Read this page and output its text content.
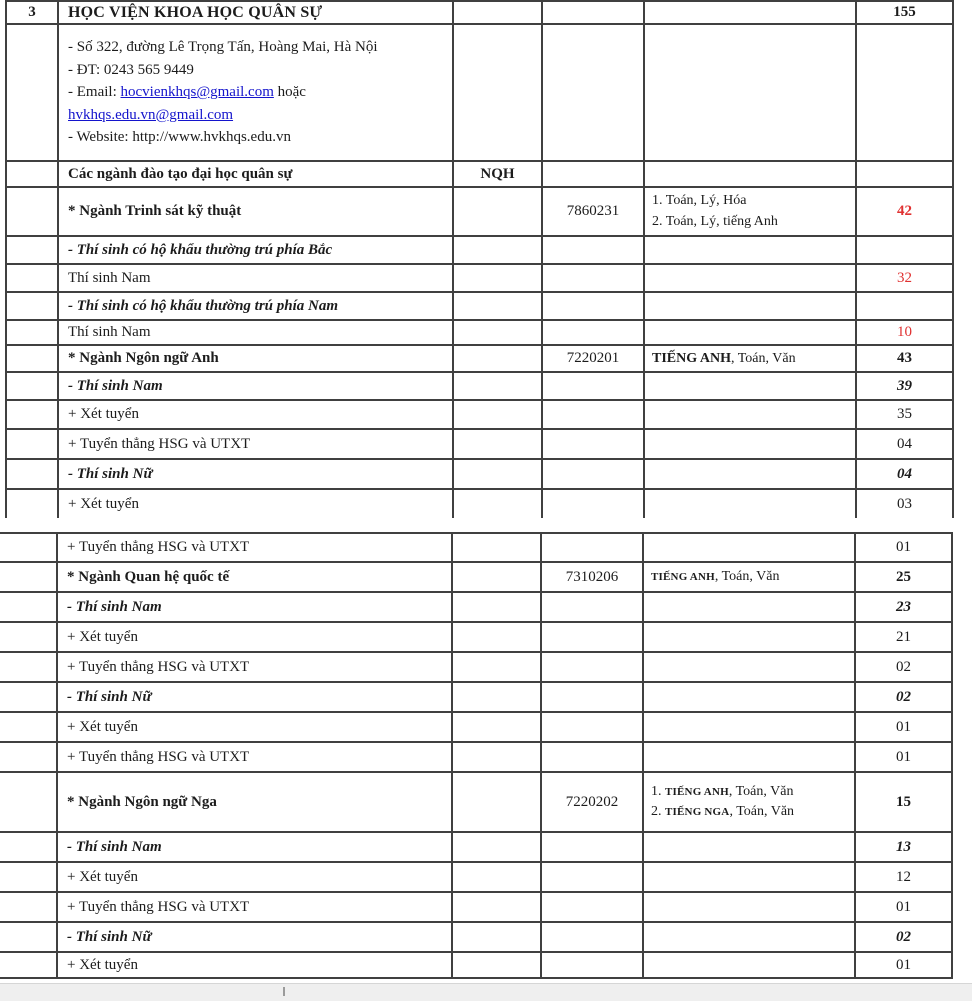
3	HỌC VIỆN KHOA HỌC QUÂN SỰ				155

	- Số 322, đường Lê Trọng Tấn, Hoàng Mai, Hà Nội
- ĐT: 0243 565 9449
- Email: hocvienkhqs@gmail.com hoặc
hvkhqs.edu.vn@gmail.com
- Website: http://www.hvkhqs.edu.vn				

	Các ngành đào tạo đại học quân sự	NQH			
	* Ngành Trinh sát kỹ thuật		7860231	1. Toán, Lý, Hóa
2. Toán, Lý, tiếng Anh	42
	- Thí sinh có hộ khẩu thường trú phía Bắc				
	Thí sinh Nam				32
	- Thí sinh có hộ khẩu thường trú phía Nam				
	Thí sinh Nam				10
	* Ngành Ngôn ngữ Anh		7220201	TIẾNG ANH, Toán, Văn	43
	- Thí sinh Nam				39
	+ Xét tuyển				35
	+ Tuyển thẳng HSG và UTXT				04
	- Thí sinh Nữ				04
	+ Xét tuyển				03
	+ Tuyển thẳng HSG và UTXT				01
	* Ngành Quan hệ quốc tế		7310206	TIẾNG ANH, Toán, Văn	25
	- Thí sinh Nam				23
	+ Xét tuyển				21
	+ Tuyển thẳng HSG và UTXT				02
	- Thí sinh Nữ				02
	+ Xét tuyển				01
	+ Tuyển thẳng HSG và UTXT				01
	* Ngành Ngôn ngữ Nga		7220202	1. TIẾNG ANH, Toán, Văn
2. TIẾNG NGA, Toán, Văn	15
	- Thí sinh Nam				13
	+ Xét tuyển				12
	+ Tuyển thẳng HSG và UTXT				01
	- Thí sinh Nữ				02
	+ Xét tuyển				01
